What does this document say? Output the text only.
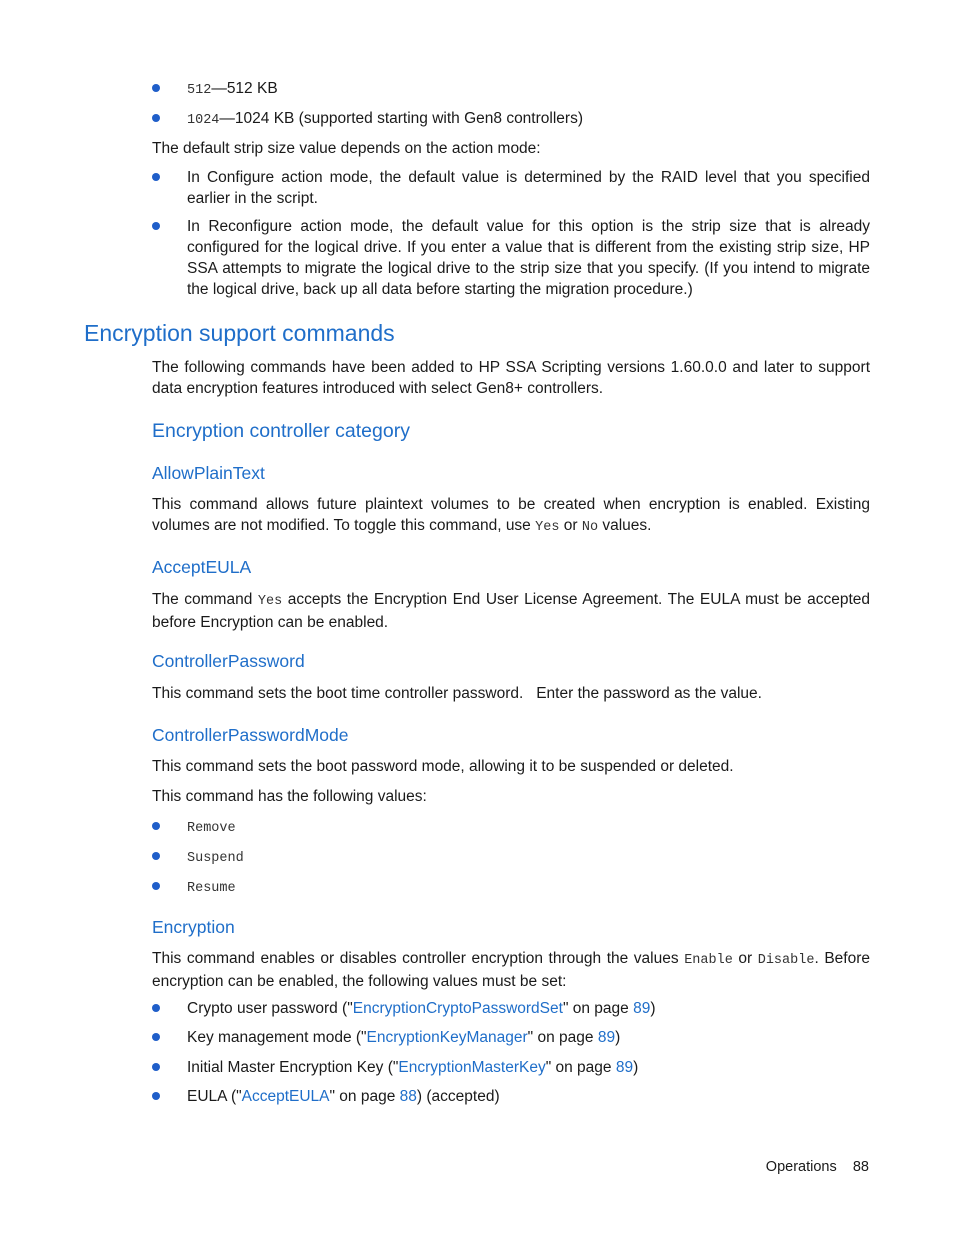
512—512 KB
1024—1024 KB (supported starting with Gen8 controllers)
The default strip size value depends on the action mode:
In Configure action mode, the default value is determined by the RAID level that you specified earlier in the script.
In Reconfigure action mode, the default value for this option is the strip size that is already configured for the logical drive. If you enter a value that is different from the existing strip size, HP SSA attempts to migrate the logical drive to the strip size that you specify. (If you intend to migrate the logical drive, back up all data before starting the migration procedure.)
Encryption support commands
The following commands have been added to HP SSA Scripting versions 1.60.0.0 and later to support data encryption features introduced with select Gen8+ controllers.
Encryption controller category
AllowPlainText
This command allows future plaintext volumes to be created when encryption is enabled. Existing volumes are not modified. To toggle this command, use Yes or No values.
AcceptEULA
The command Yes accepts the Encryption End User License Agreement. The EULA must be accepted before Encryption can be enabled.
ControllerPassword
This command sets the boot time controller password.   Enter the password as the value.
ControllerPasswordMode
This command sets the boot password mode, allowing it to be suspended or deleted.
This command has the following values:
Remove
Suspend
Resume
Encryption
This command enables or disables controller encryption through the values Enable or Disable. Before encryption can be enabled, the following values must be set:
Crypto user password ("EncryptionCryptoPasswordSet" on page 89)
Key management mode ("EncryptionKeyManager" on page 89)
Initial Master Encryption Key ("EncryptionMasterKey" on page 89)
EULA ("AcceptEULA" on page 88) (accepted)
Operations 88
